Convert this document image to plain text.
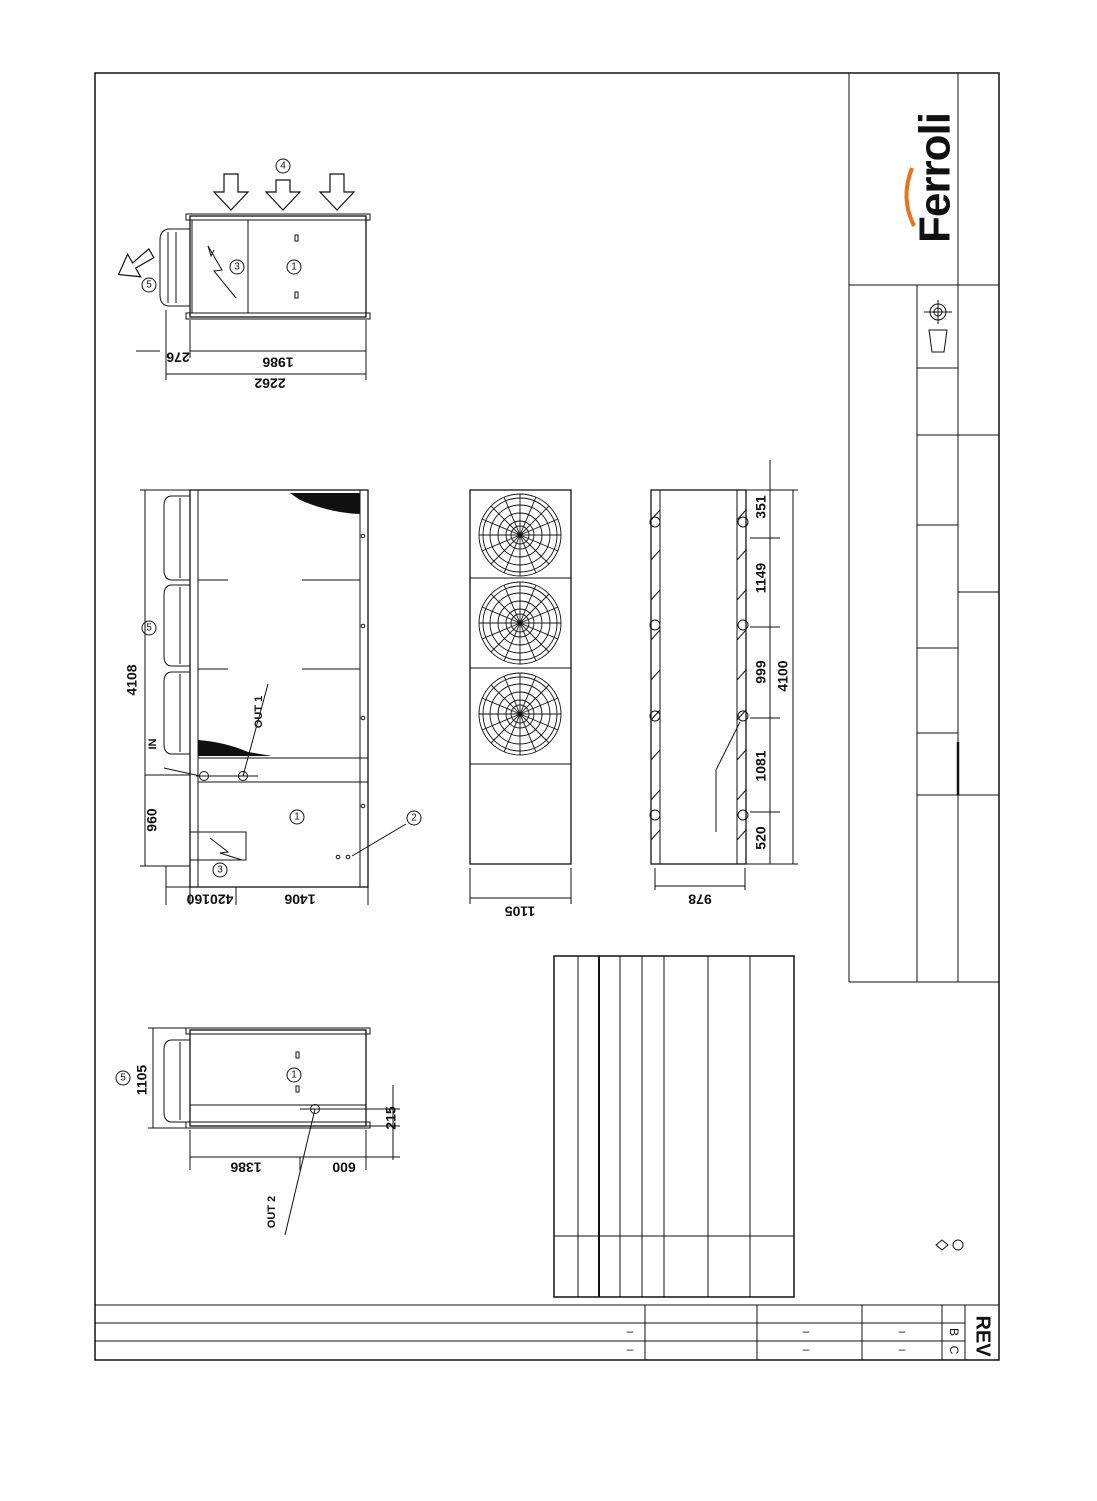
Ferroli
4
5
3	1
276	1986
2262
5
1	2
3
IN
OUT 1
4108
960
1406
420160
1105
351
1149
999 4100
1081
520
978
5	1
OUT 2
1105
1386	600
215
–	–	–	B
–	–	–	C REV
